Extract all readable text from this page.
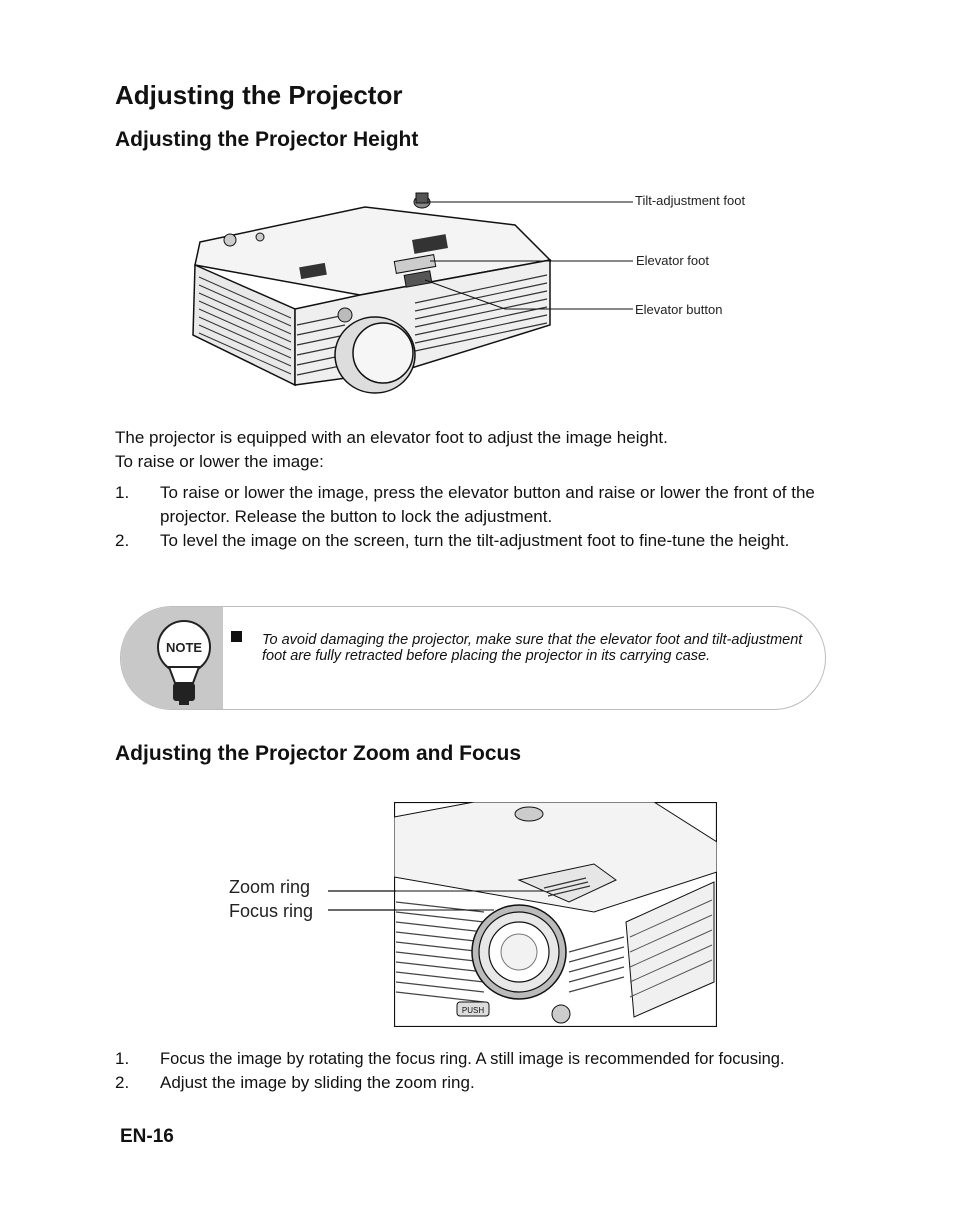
Adjusting the Projector
Adjusting the Projector Height
Tilt-adjustment foot
Elevator foot
Elevator button
The projector is equipped with an elevator foot to adjust the image height.
To raise or lower the image:
1.	To raise or lower the image, press the elevator button and raise or lower the front of the projector. Release the button to lock the adjustment.
2.	To level the image on the screen, turn the tilt-adjustment foot to fine-tune the height.
NOTE	To avoid damaging the projector, make sure that the elevator foot and tilt-adjustment foot are fully retracted before placing the projector in its carrying case.
Adjusting the Projector Zoom and Focus
PUSH
Zoom ring
Focus ring
1.	Focus the image by rotating the focus ring. A still image is recommended for focusing.
2.	Adjust the image by sliding the zoom ring.
EN-16
